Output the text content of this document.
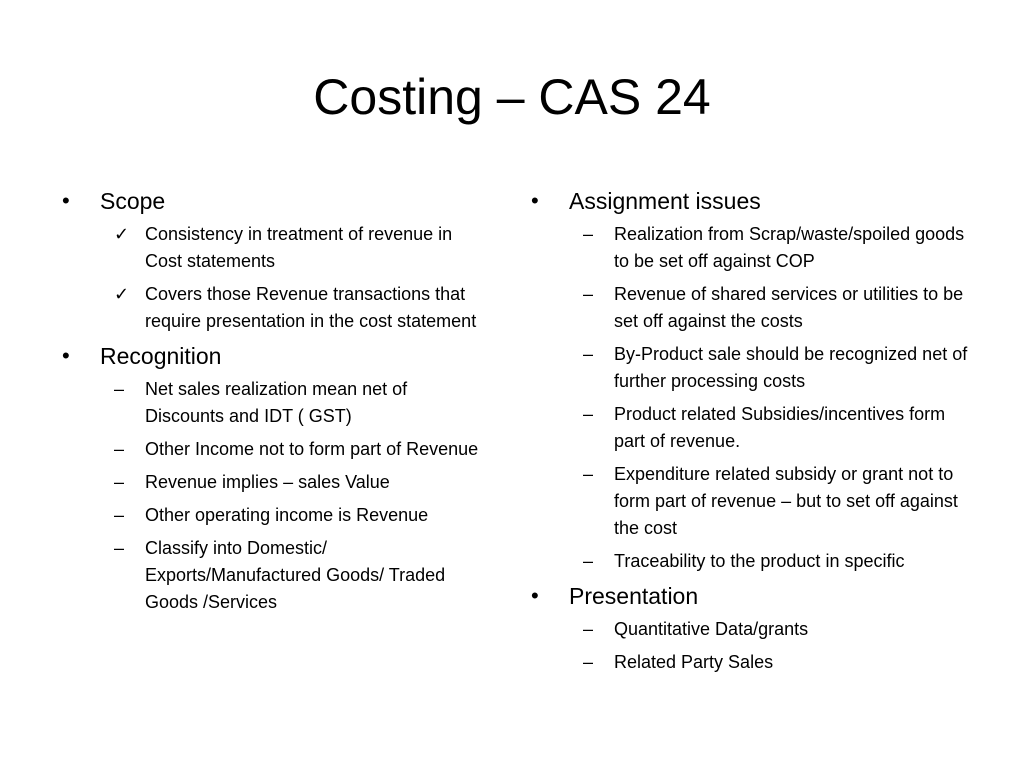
Costing – CAS 24
• Scope
✓ Consistency in treatment of revenue in Cost statements
✓ Covers those Revenue transactions that require presentation in the cost statement
• Recognition
– Net sales realization mean net of Discounts and IDT ( GST)
– Other Income not to form part of Revenue
– Revenue implies – sales Value
– Other operating income is Revenue
– Classify into Domestic/ Exports/Manufactured Goods/ Traded Goods /Services
• Assignment issues
– Realization from Scrap/waste/spoiled goods to be set off against COP
– Revenue of shared services or utilities to be set off against the costs
– By-Product sale should be recognized net of further processing costs
– Product related Subsidies/incentives form part of revenue.
– Expenditure related subsidy or grant not to form part of revenue – but to set off against the cost
– Traceability to the product in specific
• Presentation
– Quantitative Data/grants
– Related Party Sales
